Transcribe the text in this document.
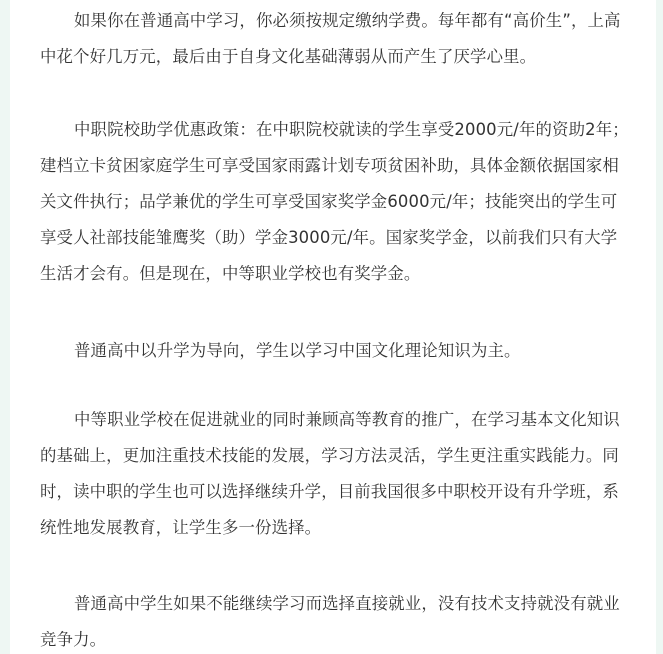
如果你在普通高中学习，你必须按规定缴纳学费。每年都有“高价生”，上高中花个好几万元，最后由于自身文化基础薄弱从而产生了厌学心里。

中职院校助学优惠政策：在中职院校就读的学生享受2000元/年的资助2年；建档立卡贫困家庭学生可享受国家雨露计划专项贫困补助，具体金额依据国家相关文件执行；品学兼优的学生可享受国家奖学金6000元/年；技能突出的学生可享受人社部技能雏鹰奖（助）学金3000元/年。国家奖学金，以前我们只有大学生活才会有。但是现在，中等职业学校也有奖学金。

普通高中以升学为导向，学生以学习中国文化理论知识为主。

中等职业学校在促进就业的同时兼顾高等教育的推广，在学习基本文化知识的基础上，更加注重技术技能的发展，学习方法灵活，学生更注重实践能力。同时，读中职的学生也可以选择继续升学，目前我国很多中职校开设有升学班，系统性地发展教育，让学生多一份选择。

普通高中学生如果不能继续学习而选择直接就业，没有技术支持就没有就业竞争力。
